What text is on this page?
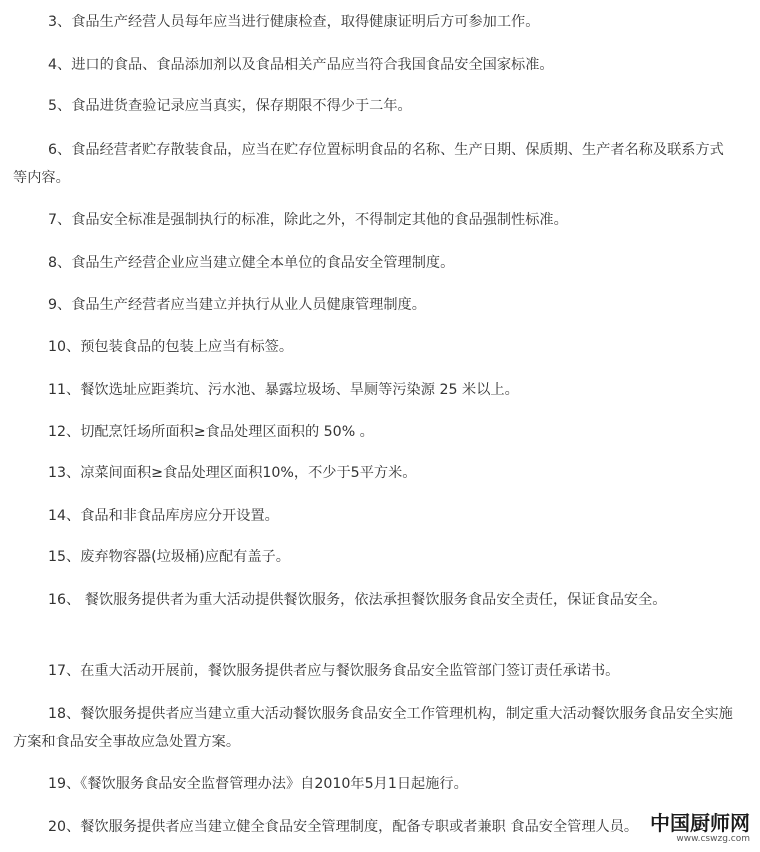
3、食品生产经营人员每年应当进行健康检查，取得健康证明后方可参加工作。

4、进口的食品、食品添加剂以及食品相关产品应当符合我国食品安全国家标准。

5、食品进货查验记录应当真实，保存期限不得少于二年。

6、食品经营者贮存散装食品，应当在贮存位置标明食品的名称、生产日期、保质期、生产者名称及联系方式等内容。

7、食品安全标准是强制执行的标准，除此之外，不得制定其他的食品强制性标准。

8、食品生产经营企业应当建立健全本单位的食品安全管理制度。

9、食品生产经营者应当建立并执行从业人员健康管理制度。

10、预包装食品的包装上应当有标签。

11、餐饮选址应距粪坑、污水池、暴露垃圾场、旱厕等污染源 25 米以上。

12、切配烹饪场所面积≥食品处理区面积的 50% 。

13、凉菜间面积≥食品处理区面积10%，不少于5平方米。

14、食品和非食品库房应分开设置。

15、废弃物容器(垃圾桶)应配有盖子。

16、 餐饮服务提供者为重大活动提供餐饮服务，依法承担餐饮服务食品安全责任，保证食品安全。

17、在重大活动开展前，餐饮服务提供者应与餐饮服务食品安全监管部门签订责任承诺书。

18、餐饮服务提供者应当建立重大活动餐饮服务食品安全工作管理机构，制定重大活动餐饮服务食品安全实施方案和食品安全事故应急处置方案。

19、《餐饮服务食品安全监督管理办法》自2010年5月1日起施行。

20、餐饮服务提供者应当建立健全食品安全管理制度，配备专职或者兼职 食品安全管理人员。 中国厨师网
www.cswzg.com
